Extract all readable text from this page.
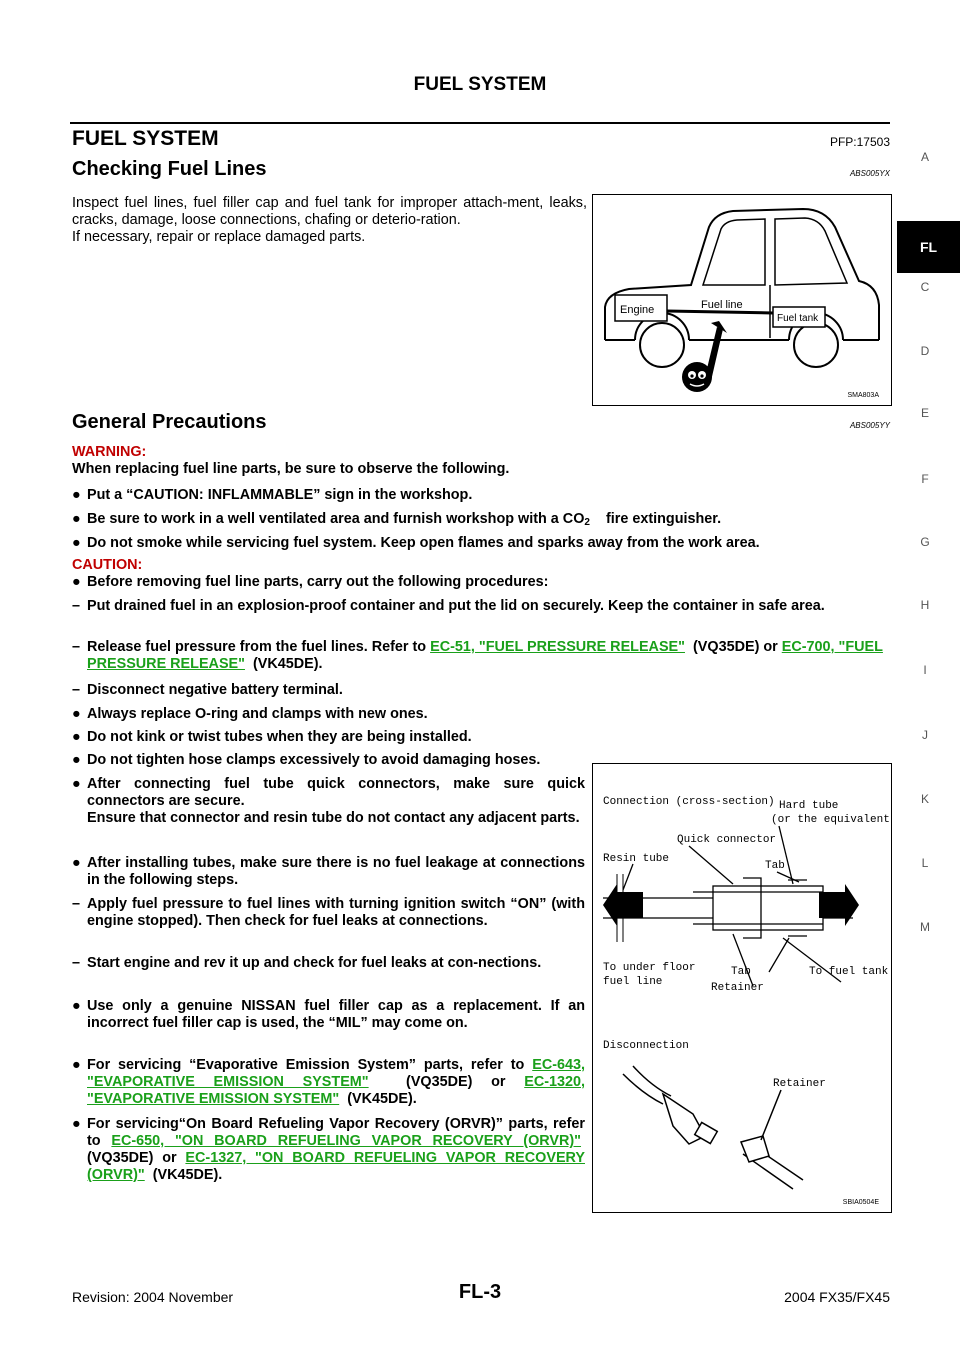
FUEL SYSTEM
FUEL SYSTEM	PFP:17503
Checking Fuel Lines	ABS005YX
Inspect fuel lines, fuel filler cap and fuel tank for improper attach-ment, leaks, cracks, damage, loose connections, chafing or deterio-ration.
If necessary, repair or replace damaged parts.
Engine	Fuel line
Fuel tank
SMA803A
General Precautions	ABS005YY
WARNING:
When replacing fuel line parts, be sure to observe the following.
● Put a “CAUTION: INFLAMMABLE” sign in the workshop.
● Be sure to work in a well ventilated area and furnish workshop with a $CO_2$ fire extinguisher.
● Do not smoke while servicing fuel system. Keep open flames and sparks away from the work area.
CAUTION:
● Before removing fuel line parts, carry out the following procedures:
– Put drained fuel in an explosion-proof container and put the lid on securely. Keep the container in safe area.
– Release fuel pressure from the fuel lines. Refer to EC-51, "FUEL PRESSURE RELEASE" (VQ35DE) or EC-700, "FUEL PRESSURE RELEASE" (VK45DE).
– Disconnect negative battery terminal.
● Always replace O-ring and clamps with new ones.
● Do not kink or twist tubes when they are being installed.
● Do not tighten hose clamps excessively to avoid damaging hoses.
● After connecting fuel tube quick connectors, make sure quick connectors are secure.
Ensure that connector and resin tube do not contact any adjacent parts.
● After installing tubes, make sure there is no fuel leakage at connections in the following steps.
– Apply fuel pressure to fuel lines with turning ignition switch “ON” (with engine stopped). Then check for fuel leaks at connections.
– Start engine and rev it up and check for fuel leaks at con-nections.
● Use only a genuine NISSAN fuel filler cap as a replacement. If an incorrect fuel filler cap is used, the “MIL” may come on.
● For servicing “Evaporative Emission System” parts, refer to EC-643, "EVAPORATIVE EMISSION SYSTEM"	(VQ35DE) or EC-1320, "EVAPORATIVE EMISSION SYSTEM" (VK45DE).
● For servicing“On Board Refueling Vapor Recovery (ORVR)” parts, refer to EC-650, "ON BOARD REFUELING VAPOR RECOVERY (ORVR)"  (VQ35DE) or EC-1327, "ON BOARD REFUELING VAPOR RECOVERY (ORVR)" (VK45DE).
Connection (cross-section) Hard tube
(or the equivalent)
Quick connector
Resin tube
Tab
To under floor
fuel line
Tab	To fuel tank
Retainer
Disconnection
Retainer
SBIA0504E
A
FL
C
D
E
F
G
H
I
J
K
L
M
Revision: 2004 November	FL-3	2004 FX35/FX45
